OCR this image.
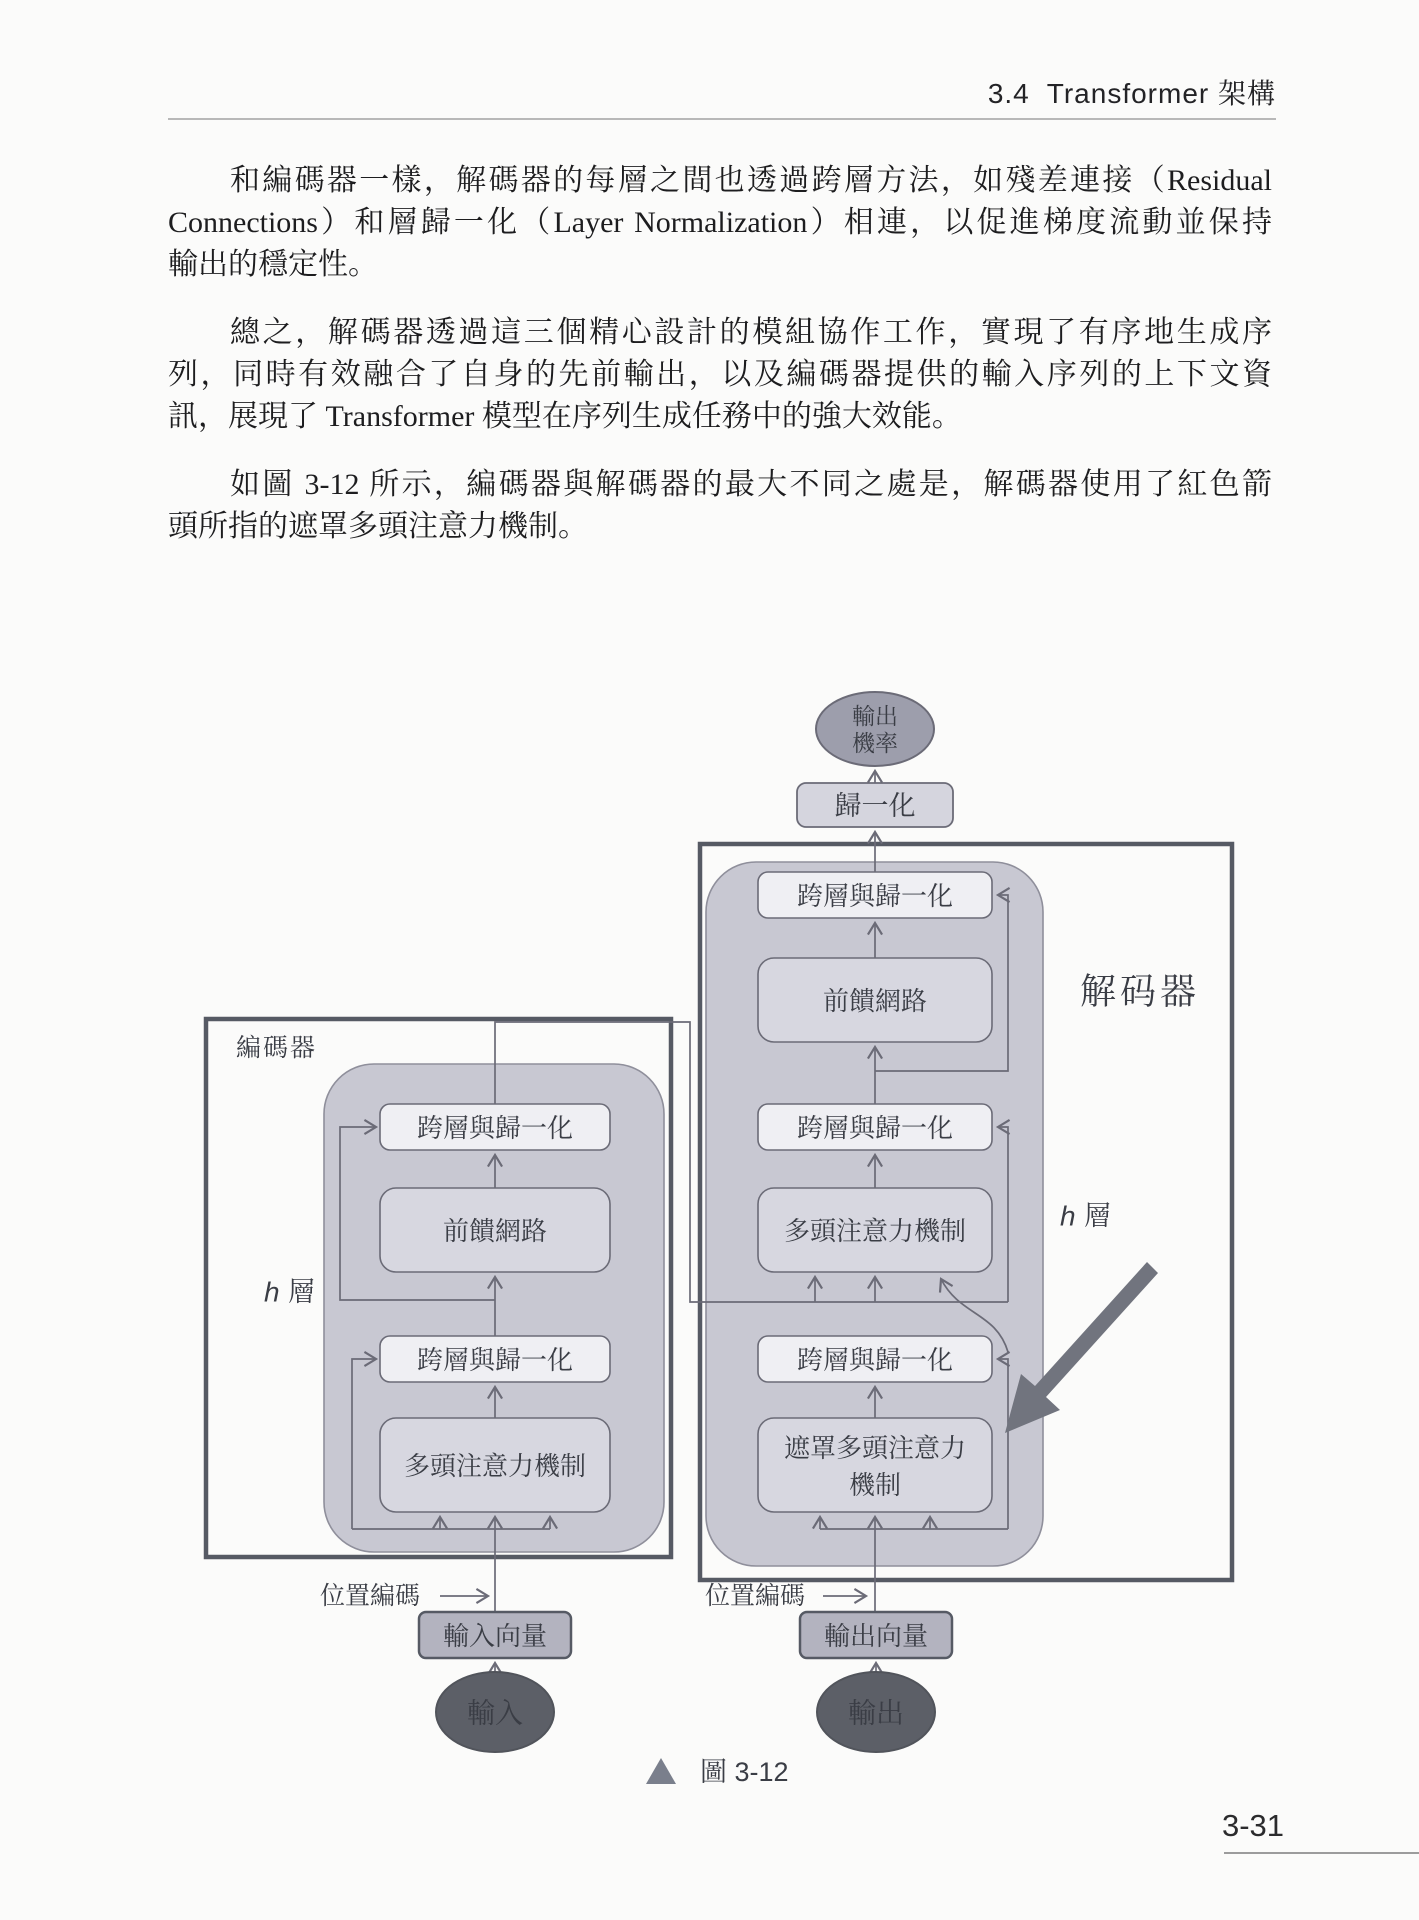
3.4  Transformer 架構
和編碼器一樣，解碼器的每層之間也透過跨層方法，如殘差連接（Residual
Connections）和層歸一化（Layer Normalization）相連，以促進梯度流動並保持
輸出的穩定性。
總之，解碼器透過這三個精心設計的模組協作工作，實現了有序地生成序
列，同時有效融合了自身的先前輸出，以及編碼器提供的輸入序列的上下文資
訊，展現了 Transformer 模型在序列生成任務中的強大效能。
如圖 3-12 所示，編碼器與解碼器的最大不同之處是，解碼器使用了紅色箭
頭所指的遮罩多頭注意力機制。
輸出
機率
歸一化
解码器
跨層與歸一化
前饋網路
跨層與歸一化
多頭注意力機制
跨層與歸一化
遮罩多頭注意力
機制
h 層
編碼器
跨層與歸一化
前饋網路
跨層與歸一化
多頭注意力機制
h 層
位置編碼	位置編碼
輸入向量	輸出向量
輸入	輸出
圖 3-12
3-31
